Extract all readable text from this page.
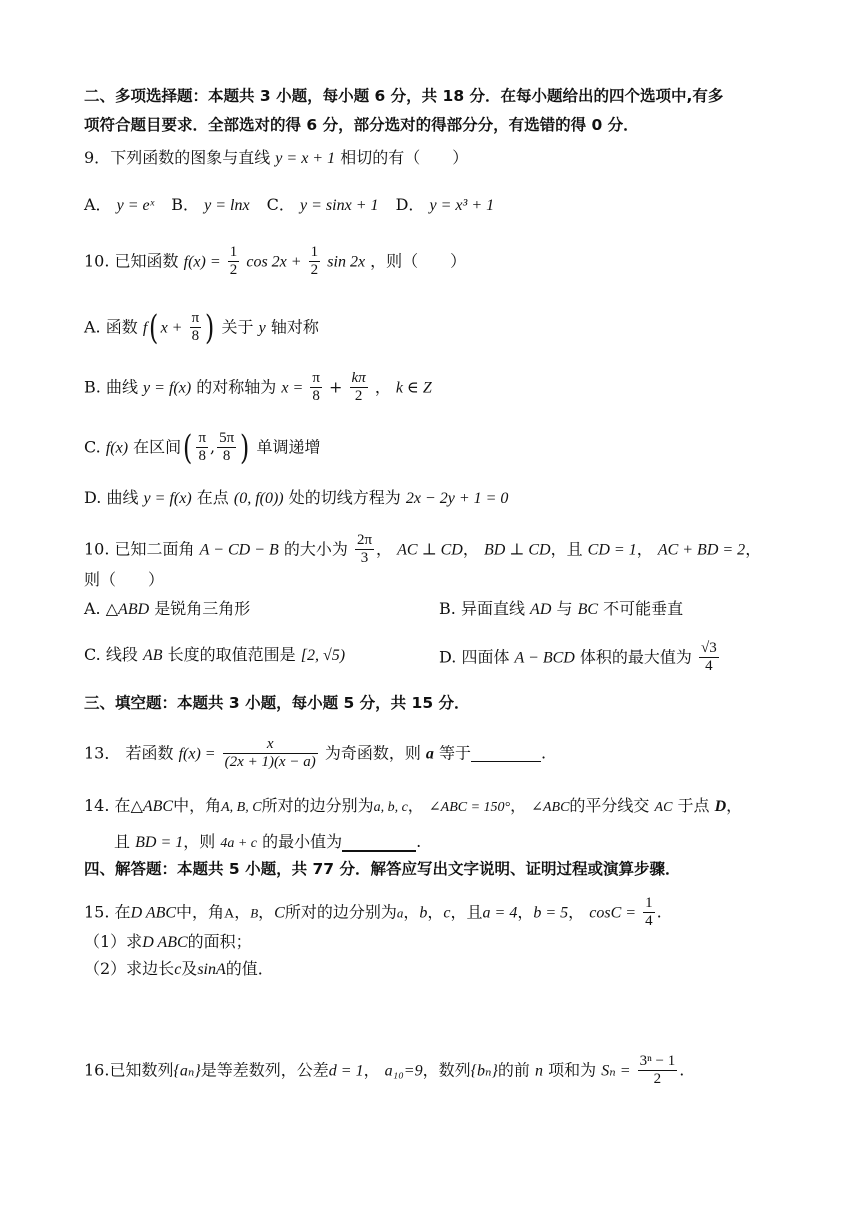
二、多项选择题：本题共 3 小题，每小题 6 分，共 18 分．在每小题给出的四个选项中,有多
项符合题目要求．全部选对的得 6 分，部分选对的得部分分，有选错的得 0 分．
9．下列函数的图象与直线 y = x + 1 相切的有（　　）
A． y = eˣ B． y = lnx C． y = sinx + 1 D． y = x³ + 1
10. 已知函数 $f(x) = \frac{1}{2}$ $\cos 2x + \frac{1}{2}$ sin 2x ，则（　　）
A. 函数 f( $x + \frac{\pi}{8}$ ) 关于 y 轴对称
B. 曲线 y = f(x) 的对称轴为 $x = \frac{\pi}{8} + \frac{k\pi}{2}$ ， k ∈ Z
C. f(x) 在区间( $\frac{\pi}{8}$ , $\frac{5\pi}{8}$ ) 单调递增
D. 曲线 y = f(x) 在点 (0, f(0)) 处的切线方程为 2x − 2y + 1 = 0
10. 已知二面角 A − CD − B 的大小为 $\frac{2\pi}{3}$ ， AC ⊥ CD， BD ⊥ CD，且 CD = 1， AC + BD = 2，
则（　　）
A. △ABD 是锐角三角形	B. 异面直线 AD 与 BC 不可能垂直
C. 线段 AB 长度的取值范围是 [2, √5)	D. 四面体 A − BCD 体积的最大值为 $\frac{√3}{4}$
三、填空题：本题共 3 小题，每小题 5 分，共 15 分．
13． 若函数 $f(x) = \frac{x}{(2x + 1)(x - a)}$ 为奇函数，则 a 等于	.
14. 在△ABC中，角A, B, C所对的边分别为a, b, c， ∠ABC = 150°， ∠ABC的平分线交 AC 于点 D，
且 BD = 1，则 4a + c 的最小值为	.
四、解答题：本题共 5 小题，共 77 分．解答应写出文字说明、证明过程或演算步骤．
15. 在D ABC中，角A，B，C所对的边分别为a，b，c，且a = 4，b = 5， $\cos C = \frac{1}{4}$ .
（1）求D ABC的面积；
（2）求边长c及sinA的值．
16.已知数列{aₙ}是等差数列，公差d = 1， a₁₀=9，数列{bₙ}的前 n 项和为 $S_n = \frac{\text{3ⁿ − 1}}{2}$ .
